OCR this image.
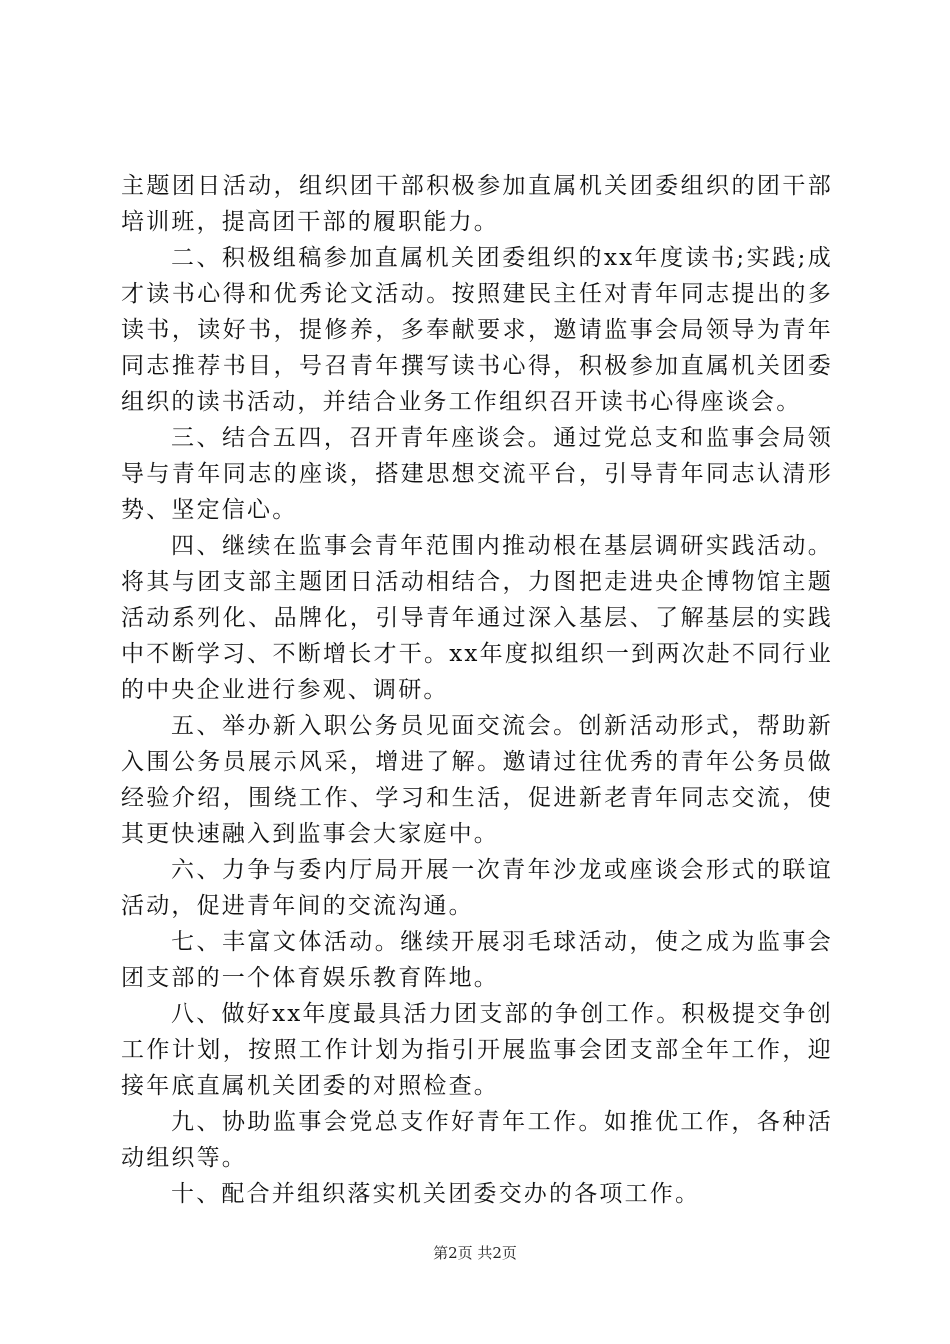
主题团日活动，组织团干部积极参加直属机关团委组织的团干部培训班，提高团干部的履职能力。

二、积极组稿参加直属机关团委组织的xx年度读书;实践;成才读书心得和优秀论文活动。按照建民主任对青年同志提出的多读书，读好书，提修养，多奉献要求，邀请监事会局领导为青年同志推荐书目，号召青年撰写读书心得，积极参加直属机关团委组织的读书活动，并结合业务工作组织召开读书心得座谈会。

三、结合五四，召开青年座谈会。通过党总支和监事会局领导与青年同志的座谈，搭建思想交流平台，引导青年同志认清形势、坚定信心。

四、继续在监事会青年范围内推动根在基层调研实践活动。将其与团支部主题团日活动相结合，力图把走进央企博物馆主题活动系列化、品牌化，引导青年通过深入基层、了解基层的实践中不断学习、不断增长才干。xx年度拟组织一到两次赴不同行业的中央企业进行参观、调研。

五、举办新入职公务员见面交流会。创新活动形式，帮助新入围公务员展示风采，增进了解。邀请过往优秀的青年公务员做经验介绍，围绕工作、学习和生活，促进新老青年同志交流，使其更快速融入到监事会大家庭中。

六、力争与委内厅局开展一次青年沙龙或座谈会形式的联谊活动，促进青年间的交流沟通。

七、丰富文体活动。继续开展羽毛球活动，使之成为监事会团支部的一个体育娱乐教育阵地。

八、做好xx年度最具活力团支部的争创工作。积极提交争创工作计划，按照工作计划为指引开展监事会团支部全年工作，迎接年底直属机关团委的对照检查。

九、协助监事会党总支作好青年工作。如推优工作，各种活动组织等。

十、配合并组织落实机关团委交办的各项工作。

第2页 共2页
